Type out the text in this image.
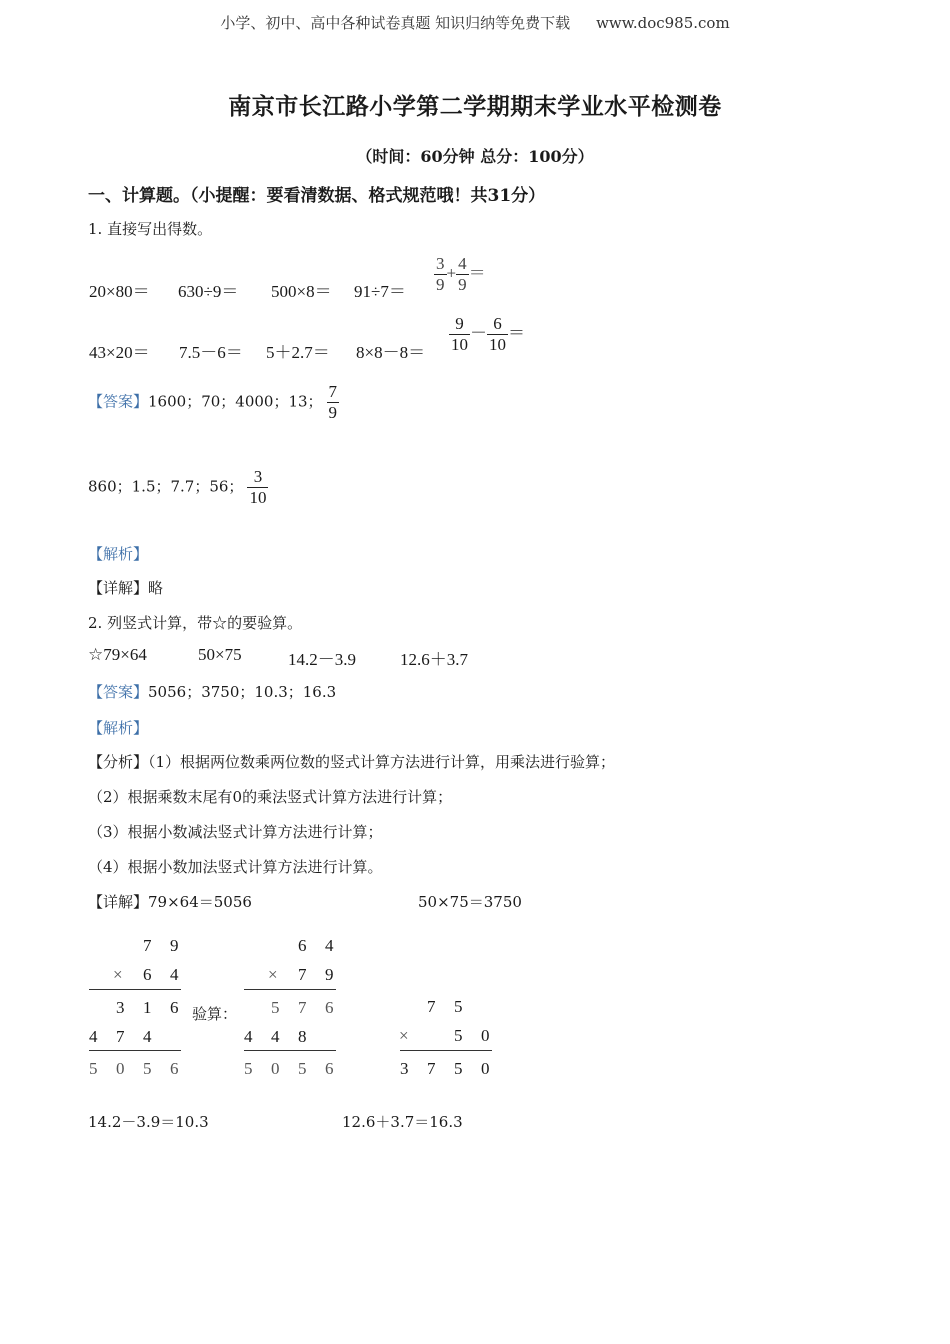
小学、初中、高中各种试卷真题 知识归纳等免费下载 www.doc985.com
南京市长江路小学第二学期期末学业水平检测卷
（时间：60分钟 总分：100分）
一、计算题。（小提醒：要看清数据、格式规范哦！共31分）
1. 直接写出得数。
$20\times 80= 630\div 9= 500\times 8= 91\div 7= \frac{3}{9} + \frac{4}{9}$ ＝
$43\times 20= 7.5-6= 5+2.7= 8\times 8-8= \frac{9}{10} - \frac{6}{10}$ ＝
【答案】1600；70；4000；13； $\frac{7}{9}$
860；1.5；7.7；56； $\frac{3}{10}$
【解析】
【详解】略
2. 列竖式计算，带☆的要验算。
☆79×64	50×75	14.2－3.9	12.6＋3.7
【答案】5056；3750；10.3；16.3
【解析】
【分析】（1）根据两位数乘两位数的竖式计算方法进行计算，用乘法进行验算；
（2）根据乘数末尾有0的乘法竖式计算方法进行计算；
（3）根据小数减法竖式计算方法进行计算；
（4）根据小数加法竖式计算方法进行计算。
【详解】79×64＝5056	50×75＝3750
7 9
× 6 4
3 1 6
4 7 4
5 0 5 6
验算：
6 4
× 7 9
5 7 6
4 4 8
5 0 5 6
7 5
×	5 0
3 7 5 0
14.2－3.9＝10.3	12.6＋3.7＝16.3
